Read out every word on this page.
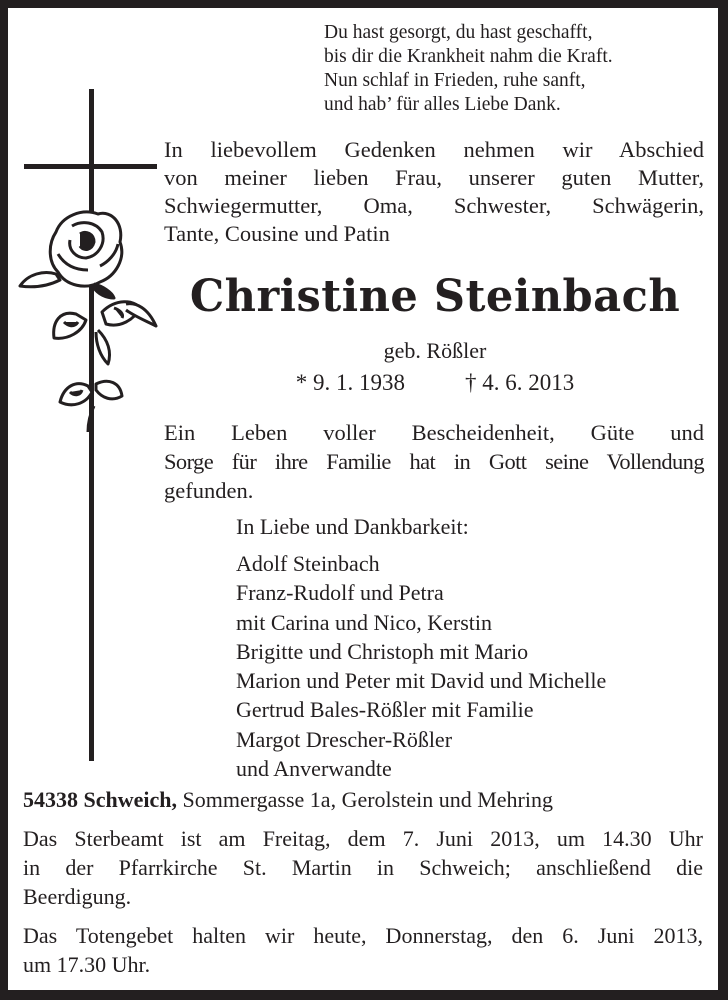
Du hast gesorgt, du hast geschafft,
bis dir die Krankheit nahm die Kraft.
Nun schlaf in Frieden, ruhe sanft,
und hab’ für alles Liebe Dank.
In liebevollem Gedenken nehmen wir Abschied
von meiner lieben Frau, unserer guten Mutter,
Schwiegermutter, Oma, Schwester, Schwägerin,
Tante, Cousine und Patin
Christine Steinbach
geb. Rößler
* 9. 1. 1938	† 4. 6. 2013
Ein Leben voller Bescheidenheit, Güte und
Sorge für ihre Familie hat in Gott seine Vollendung
gefunden.
In Liebe und Dankbarkeit:
Adolf Steinbach
Franz-Rudolf und Petra
mit Carina und Nico, Kerstin
Brigitte und Christoph mit Mario
Marion und Peter mit David und Michelle
Gertrud Bales-Rößler mit Familie
Margot Drescher-Rößler
und Anverwandte
54338 Schweich, Sommergasse 1a, Gerolstein und Mehring
Das Sterbeamt ist am Freitag, dem 7. Juni 2013, um 14.30 Uhr
in der Pfarrkirche St. Martin in Schweich; anschließend die
Beerdigung.
Das Totengebet halten wir heute, Donnerstag, den 6. Juni 2013,
um 17.30 Uhr.
